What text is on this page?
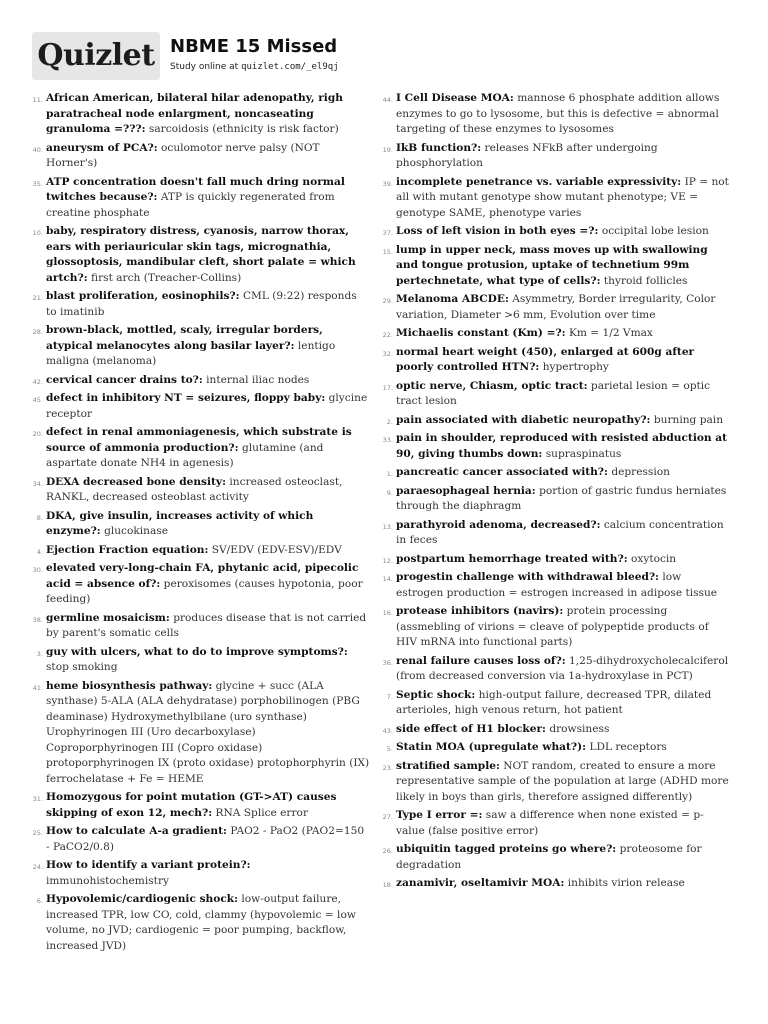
Quizlet NBME 15 Missed
Study online at quizlet.com/_el9qj
11. African American, bilateral hilar adenopathy, righ paratracheal node enlargment, noncaseating granuloma =???: sarcoidosis (ethnicity is risk factor)
40. aneurysm of PCA?: oculomotor nerve palsy (NOT Horner's)
35. ATP concentration doesn't fall much dring normal twitches because?: ATP is quickly regenerated from creatine phosphate
10. baby, respiratory distress, cyanosis, narrow thorax, ears with periauricular skin tags, micrognathia, glossoptosis, mandibular cleft, short palate = which artch?: first arch (Treacher-Collins)
21. blast proliferation, eosinophils?: CML (9:22) responds to imatinib
28. brown-black, mottled, scaly, irregular borders, atypical melanocytes along basilar layer?: lentigo maligna (melanoma)
42. cervical cancer drains to?: internal iliac nodes
45. defect in inhibitory NT = seizures, floppy baby: glycine receptor
20. defect in renal ammoniagenesis, which substrate is source of ammonia production?: glutamine (and aspartate donate NH4 in agenesis)
34. DEXA decreased bone density: increased osteoclast, RANKL, decreased osteoblast activity
8. DKA, give insulin, increases activity of which enzyme?: glucokinase
4. Ejection Fraction equation: SV/EDV (EDV-ESV)/EDV
30. elevated very-long-chain FA, phytanic acid, pipecolic acid = absence of?: peroxisomes (causes hypotonia, poor feeding)
38. germline mosaicism: produces disease that is not carried by parent's somatic cells
3. guy with ulcers, what to do to improve symptoms?: stop smoking
41. heme biosynthesis pathway: glycine + succ (ALA synthase) 5-ALA (ALA dehydratase) porphobilinogen (PBG deaminase) Hydroxymethylbilane (uro synthase) Urophyrinogen III (Uro decarboxylase) Coproporphyrinogen III (Copro oxidase) protoporphyrinogen IX (proto oxidase) protophorphyrin (IX) ferrochelatase + Fe = HEME
31. Homozygous for point mutation (GT->AT) causes skipping of exon 12, mech?: RNA Splice error
25. How to calculate A-a gradient: PAO2 - PaO2 (PAO2=150 - PaCO2/0.8)
24. How to identify a variant protein?: immunohistochemistry
6. Hypovolemic/cardiogenic shock: low-output failure, increased TPR, low CO, cold, clammy (hypovolemic = low volume, no JVD; cardiogenic = poor pumping, backflow, increased JVD)
44. I Cell Disease MOA: mannose 6 phosphate addition allows enzymes to go to lysosome, but this is defective = abnormal targeting of these enzymes to lysosomes
19. IkB function?: releases NFkB after undergoing phosphorylation
39. incomplete penetrance vs. variable expressivity: IP = not all with mutant genotype show mutant phenotype; VE = genotype SAME, phenotype varies
37. Loss of left vision in both eyes =?: occipital lobe lesion
15. lump in upper neck, mass moves up with swallowing and tongue protusion, uptake of technetium 99m pertechnetate, what type of cells?: thyroid follicles
29. Melanoma ABCDE: Asymmetry, Border irregularity, Color variation, Diameter >6 mm, Evolution over time
22. Michaelis constant (Km) =?: Km = 1/2 Vmax
32. normal heart weight (450), enlarged at 600g after poorly controlled HTN?: hypertrophy
17. optic nerve, Chiasm, optic tract: parietal lesion = optic tract lesion
2. pain associated with diabetic neuropathy?: burning pain
33. pain in shoulder, reproduced with resisted abduction at 90, giving thumbs down: supraspinatus
1. pancreatic cancer associated with?: depression
9. paraesophageal hernia: portion of gastric fundus herniates through the diaphragm
13. parathyroid adenoma, decreased?: calcium concentration in feces
12. postpartum hemorrhage treated with?: oxytocin
14. progestin challenge with withdrawal bleed?: low estrogen production = estrogen increased in adipose tissue
16. protease inhibitors (navirs): protein processing (assmebling of virions = cleave of polypeptide products of HIV mRNA into functional parts)
36. renal failure causes loss of?: 1,25-dihydroxycholecalciferol (from decreased conversion via 1a-hydroxylase in PCT)
7. Septic shock: high-output failure, decreased TPR, dilated arterioles, high venous return, hot patient
43. side effect of H1 blocker: drowsiness
5. Statin MOA (upregulate what?): LDL receptors
23. stratified sample: NOT random, created to ensure a more representative sample of the population at large (ADHD more likely in boys than girls, therefore assigned differently)
27. Type I error =: saw a difference when none existed = p-value (false positive error)
26. ubiquitin tagged proteins go where?: proteosome for degradation
18. zanamivir, oseltamivir MOA: inhibits virion release
